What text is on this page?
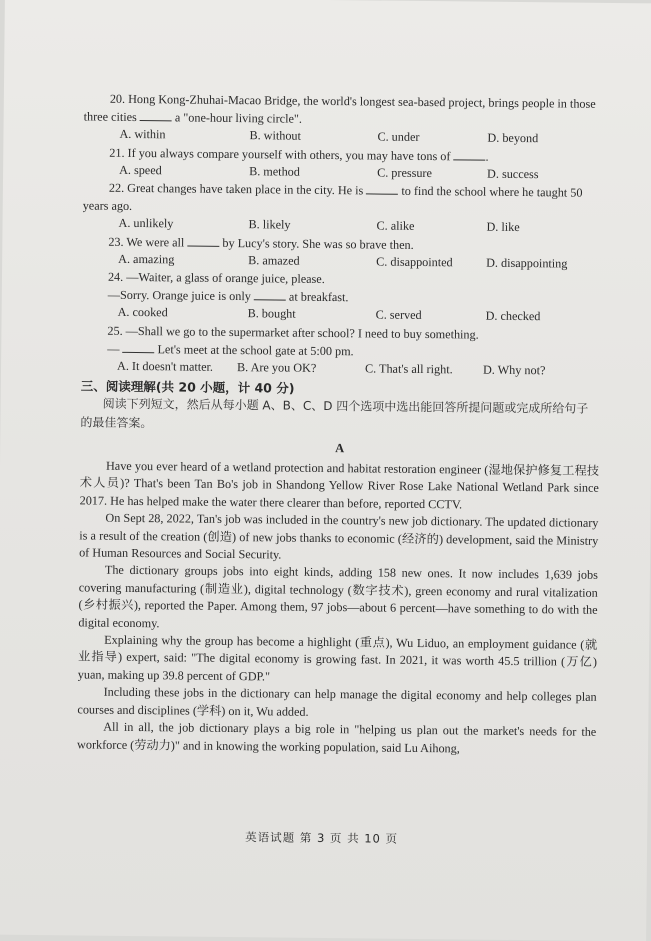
20. Hong Kong-Zhuhai-Macao Bridge, the world's longest sea-based project, brings people in those three cities	a "one-hour living circle".
A. within	B. without	C. under	D. beyond
21. If you always compare yourself with others, you may have tons of	.
A. speed	B. method	C. pressure	D. success
22. Great changes have taken place in the city. He is	to find the school where he taught 50 years ago.
A. unlikely	B. likely	C. alike	D. like
23. We were all	by Lucy's story. She was so brave then.
A. amazing	B. amazed	C. disappointed	D. disappointing
24. —Waiter, a glass of orange juice, please.
—Sorry. Orange juice is only	at breakfast.
A. cooked	B. bought	C. served	D. checked
25. —Shall we go to the supermarket after school? I need to buy something.
—	Let's meet at the school gate at 5:00 pm.
A. It doesn't matter.	B. Are you OK?	C. That's all right.	D. Why not?
三、阅读理解(共 20 小题，计 40 分)
阅读下列短文，然后从每小题 A、B、C、D 四个选项中选出能回答所提问题或完成所给句子的最佳答案。
A

Have you ever heard of a wetland protection and habitat restoration engineer (湿地保护修复工程技术人员)? That's been Tan Bo's job in Shandong Yellow River Rose Lake National Wetland Park since 2017. He has helped make the water there clearer than before, reported CCTV.

On Sept 28, 2022, Tan's job was included in the country's new job dictionary. The updated dictionary is a result of the creation (创造) of new jobs thanks to economic (经济的) development, said the Ministry of Human Resources and Social Security.

The dictionary groups jobs into eight kinds, adding 158 new ones. It now includes 1,639 jobs covering manufacturing (制造业), digital technology (数字技术), green economy and rural vitalization (乡村振兴), reported the Paper. Among them, 97 jobs—about 6 percent—have something to do with the digital economy.

Explaining why the group has become a highlight (重点), Wu Liduo, an employment guidance (就业指导) expert, said: "The digital economy is growing fast. In 2021, it was worth 45.5 trillion (万亿) yuan, making up 39.8 percent of GDP."

Including these jobs in the dictionary can help manage the digital economy and help colleges plan courses and disciplines (学科) on it, Wu added.

All in all, the job dictionary plays a big role in "helping us plan out the market's needs for the workforce (劳动力)" and in knowing the working population, said Lu Aihong,

英语试题 第 3 页 共 10 页
